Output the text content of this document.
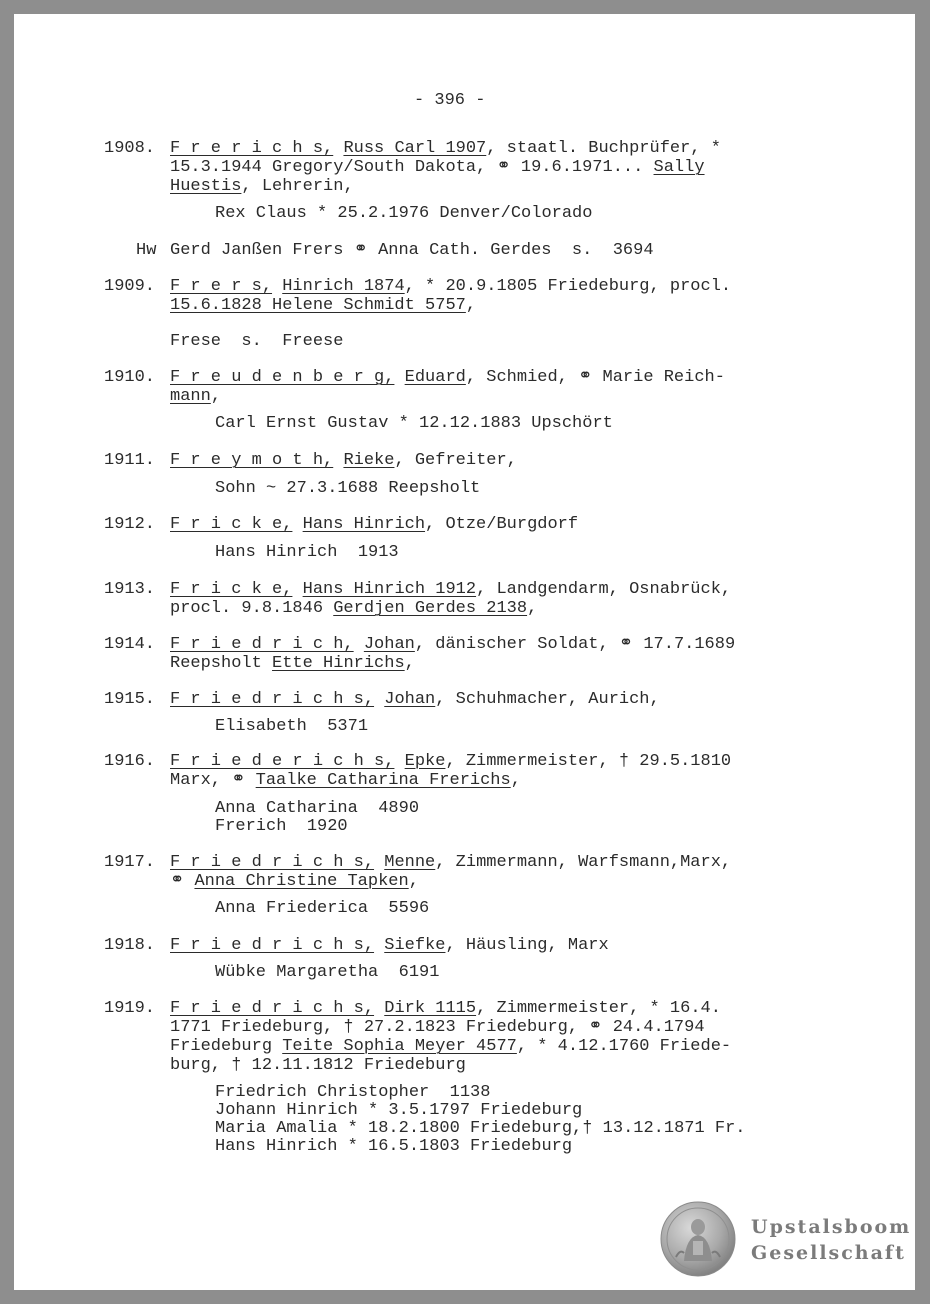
- 396 -
1908. F r e r i c h s, Russ Carl 1907, staatl. Buchprüfer, *
15.3.1944 Gregory/South Dakota, ⚭ 19.6.1971... Sally
Huestis, Lehrerin,
Rex Claus * 25.2.1976 Denver/Colorado
Hw Gerd Janßen Frers ⚭ Anna Cath. Gerdes  s.  3694
1909. F r e r s, Hinrich 1874, * 20.9.1805 Friedeburg, procl.
15.6.1828 Helene Schmidt 5757,
Frese  s.  Freese
1910. F r e u d e n b e r g, Eduard, Schmied, ⚭ Marie Reich-
mann,
Carl Ernst Gustav * 12.12.1883 Upschört
1911. F r e y m o t h, Rieke, Gefreiter,
Sohn ~ 27.3.1688 Reepsholt
1912. F r i c k e, Hans Hinrich, Otze/Burgdorf
Hans Hinrich  1913
1913. F r i c k e, Hans Hinrich 1912, Landgendarm, Osnabrück,
procl. 9.8.1846 Gerdjen Gerdes 2138,
1914. F r i e d r i c h, Johan, dänischer Soldat, ⚭ 17.7.1689
Reepsholt Ette Hinrichs,
1915. F r i e d r i c h s, Johan, Schuhmacher, Aurich,
Elisabeth  5371
1916. F r i e d e r i c h s, Epke, Zimmermeister, † 29.5.1810
Marx, ⚭ Taalke Catharina Frerichs,
Anna Catharina  4890
Frerich  1920
1917. F r i e d r i c h s, Menne, Zimmermann, Warfsmann,Marx,
⚭ Anna Christine Tapken,
Anna Friederica  5596
1918. F r i e d r i c h s, Siefke, Häusling, Marx
Wübke Margaretha  6191
1919. F r i e d r i c h s, Dirk 1115, Zimmermeister, * 16.4.
1771 Friedeburg, † 27.2.1823 Friedeburg, ⚭ 24.4.1794
Friedeburg Teite Sophia Meyer 4577, * 4.12.1760 Friede-
burg, † 12.11.1812 Friedeburg
Friedrich Christopher  1138
Johann Hinrich * 3.5.1797 Friedeburg
Maria Amalia * 18.2.1800 Friedeburg,† 13.12.1871 Fr.
Hans Hinrich * 16.5.1803 Friedeburg
Upstalsboom
Gesellschaft
